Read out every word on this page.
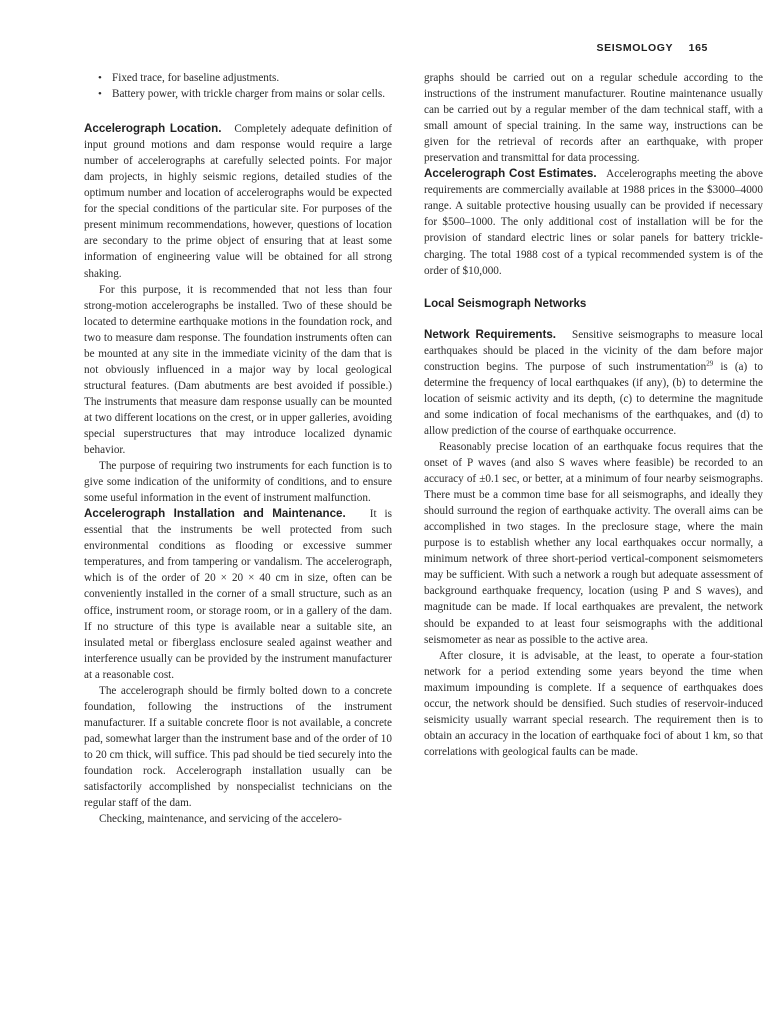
SEISMOLOGY 165
• Fixed trace, for baseline adjustments.
• Battery power, with trickle charger from mains or solar cells.

Accelerograph Location. Completely adequate definition of input ground motions and dam response would require a large number of accelerographs at carefully selected points. For major dam projects, in highly seismic regions, detailed studies of the optimum number and location of accelerographs would be expected for the special conditions of the particular site. For purposes of the present minimum recommendations, however, questions of location are secondary to the prime object of ensuring that at least some information of engineering value will be obtained for all strong shaking.

For this purpose, it is recommended that not less than four strong-motion accelerographs be installed. Two of these should be located to determine earthquake motions in the foundation rock, and two to measure dam response. The foundation instruments often can be mounted at any site in the immediate vicinity of the dam that is not obviously influenced in a major way by local geological structural features. (Dam abutments are best avoided if possible.) The instruments that measure dam response usually can be mounted at two different locations on the crest, or in upper galleries, avoiding special superstructures that may introduce localized dynamic behavior.

The purpose of requiring two instruments for each function is to give some indication of the uniformity of conditions, and to ensure some useful information in the event of instrument malfunction.

Accelerograph Installation and Maintenance. It is essential that the instruments be well protected from such environmental conditions as flooding or excessive summer temperatures, and from tampering or vandalism. The accelerograph, which is of the order of 20 × 20 × 40 cm in size, often can be conveniently installed in the corner of a small structure, such as an office, instrument room, or storage room, or in a gallery of the dam. If no structure of this type is available near a suitable site, an insulated metal or fiberglass enclosure sealed against weather and interference usually can be provided by the instrument manufacturer at a reasonable cost.

The accelerograph should be firmly bolted down to a concrete foundation, following the instructions of the instrument manufacturer. If a suitable concrete floor is not available, a concrete pad, somewhat larger than the instrument base and of the order of 10 to 20 cm thick, will suffice. This pad should be tied securely into the foundation rock. Accelerograph installation usually can be satisfactorily accomplished by nonspecialist technicians on the regular staff of the dam.

Checking, maintenance, and servicing of the accelero-

graphs should be carried out on a regular schedule according to the instructions of the instrument manufacturer. Routine maintenance usually can be carried out by a regular member of the dam technical staff, with a small amount of special training. In the same way, instructions can be given for the retrieval of records after an earthquake, with proper preservation and transmittal for data processing.

Accelerograph Cost Estimates. Accelerographs meeting the above requirements are commercially available at 1988 prices in the $3000–4000 range. A suitable protective housing usually can be provided if necessary for $500–1000. The only additional cost of installation will be for the provision of standard electric lines or solar panels for battery trickle-charging. The total 1988 cost of a typical recommended system is of the order of $10,000.

Local Seismograph Networks

Network Requirements. Sensitive seismographs to measure local earthquakes should be placed in the vicinity of the dam before major construction begins. The purpose of such instrumentation$^{29}$ is (a) to determine the frequency of local earthquakes (if any), (b) to determine the location of seismic activity and its depth, (c) to determine the magnitude and some indication of focal mechanisms of the earthquakes, and (d) to allow prediction of the course of earthquake occurrence.

Reasonably precise location of an earthquake focus requires that the onset of P waves (and also S waves where feasible) be recorded to an accuracy of ±0.1 sec, or better, at a minimum of four nearby seismographs. There must be a common time base for all seismographs, and ideally they should surround the region of earthquake activity. The overall aims can be accomplished in two stages. In the preclosure stage, where the main purpose is to establish whether any local earthquakes occur normally, a minimum network of three short-period vertical-component seismometers may be sufficient. With such a network a rough but adequate assessment of background earthquake frequency, location (using P and S waves), and magnitude can be made. If local earthquakes are prevalent, the network should be expanded to at least four seismographs with the additional seismometer as near as possible to the active area.

After closure, it is advisable, at the least, to operate a four-station network for a period extending some years beyond the time when maximum impounding is complete. If a sequence of earthquakes does occur, the network should be densified. Such studies of reservoir-induced seismicity usually warrant special research. The requirement then is to obtain an accuracy in the location of earthquake foci of about 1 km, so that correlations with geological faults can be made.
